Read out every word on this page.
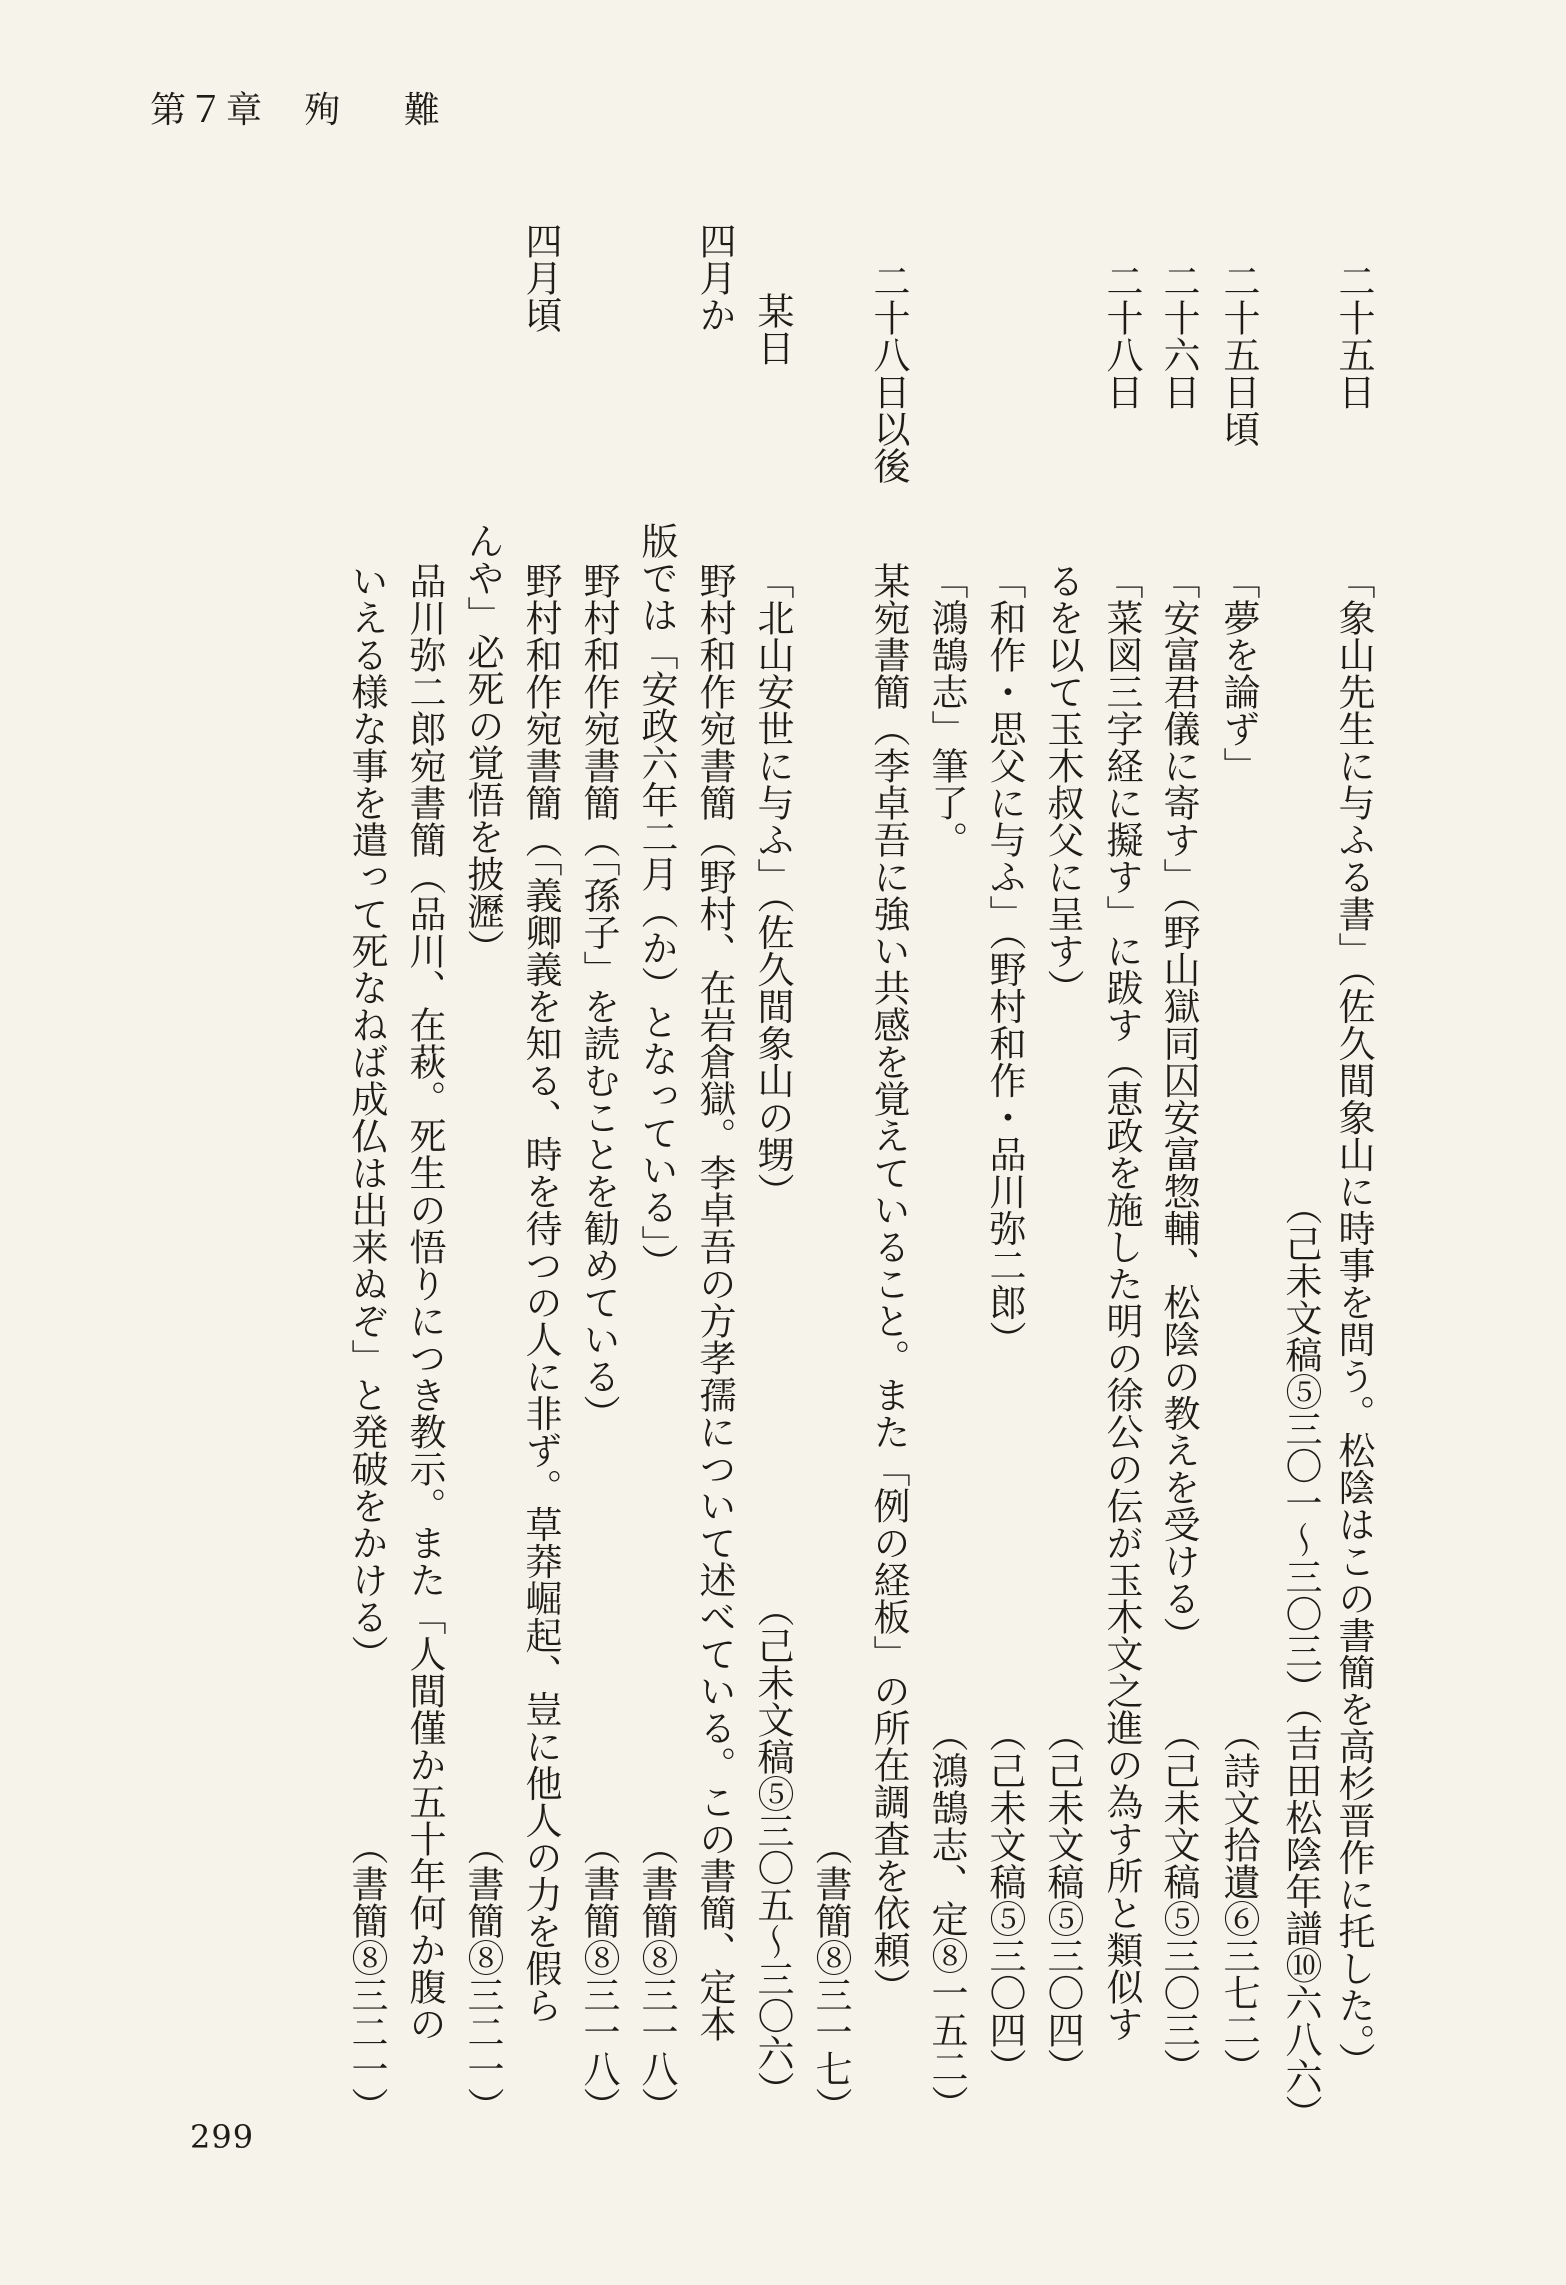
第７章 殉 難
二十五日
「象山先生に与ふる書」（佐久間象山に時事を問う。松陰はこの書簡を高杉晋作に托した。）
（己未文稿⑤三〇一～三〇三）（吉田松陰年譜⑩六八六）
二十五日頃
「夢を論ず」
（詩文拾遺⑥三七二）
二十六日
「安富君儀に寄す」（野山獄同囚安富惣輔、松陰の教えを受ける）
（己未文稿⑤三〇三）
二十八日
「菜図三字経に擬す」に跋す（恵政を施した明の徐公の伝が玉木文之進の為す所と類似す
るを以て玉木叔父に呈す）
（己未文稿⑤三〇四）
「和作・思父に与ふ」（野村和作・品川弥二郎）
（己未文稿⑤三〇四）
「鴻鵠志」筆了。
（鴻鵠志、定⑧一五二）
二十八日以後
某宛書簡（李卓吾に強い共感を覚えていること。また「例の経板」の所在調査を依頼）
（書簡⑧三一七）
某日
「北山安世に与ふ」（佐久間象山の甥）
（己未文稿⑤三〇五～三〇六）
四月か
野村和作宛書簡（野村、在岩倉獄。李卓吾の方孝孺について述べている。この書簡、定本
版では「安政六年二月（か）となっている」）
（書簡⑧三一八）
野村和作宛書簡（「孫子」を読むことを勧めている）
（書簡⑧三一八）
四月頃
野村和作宛書簡（「義卿義を知る、時を待つの人に非ず。草莽崛起、豈に他人の力を假ら
んや」必死の覚悟を披瀝）
（書簡⑧三二一）
品川弥二郎宛書簡（品川、在萩。死生の悟りにつき教示。また「人間僅か五十年何か腹の
いえる様な事を遣って死なねば成仏は出来ぬぞ」と発破をかける）
（書簡⑧三二一）
299
